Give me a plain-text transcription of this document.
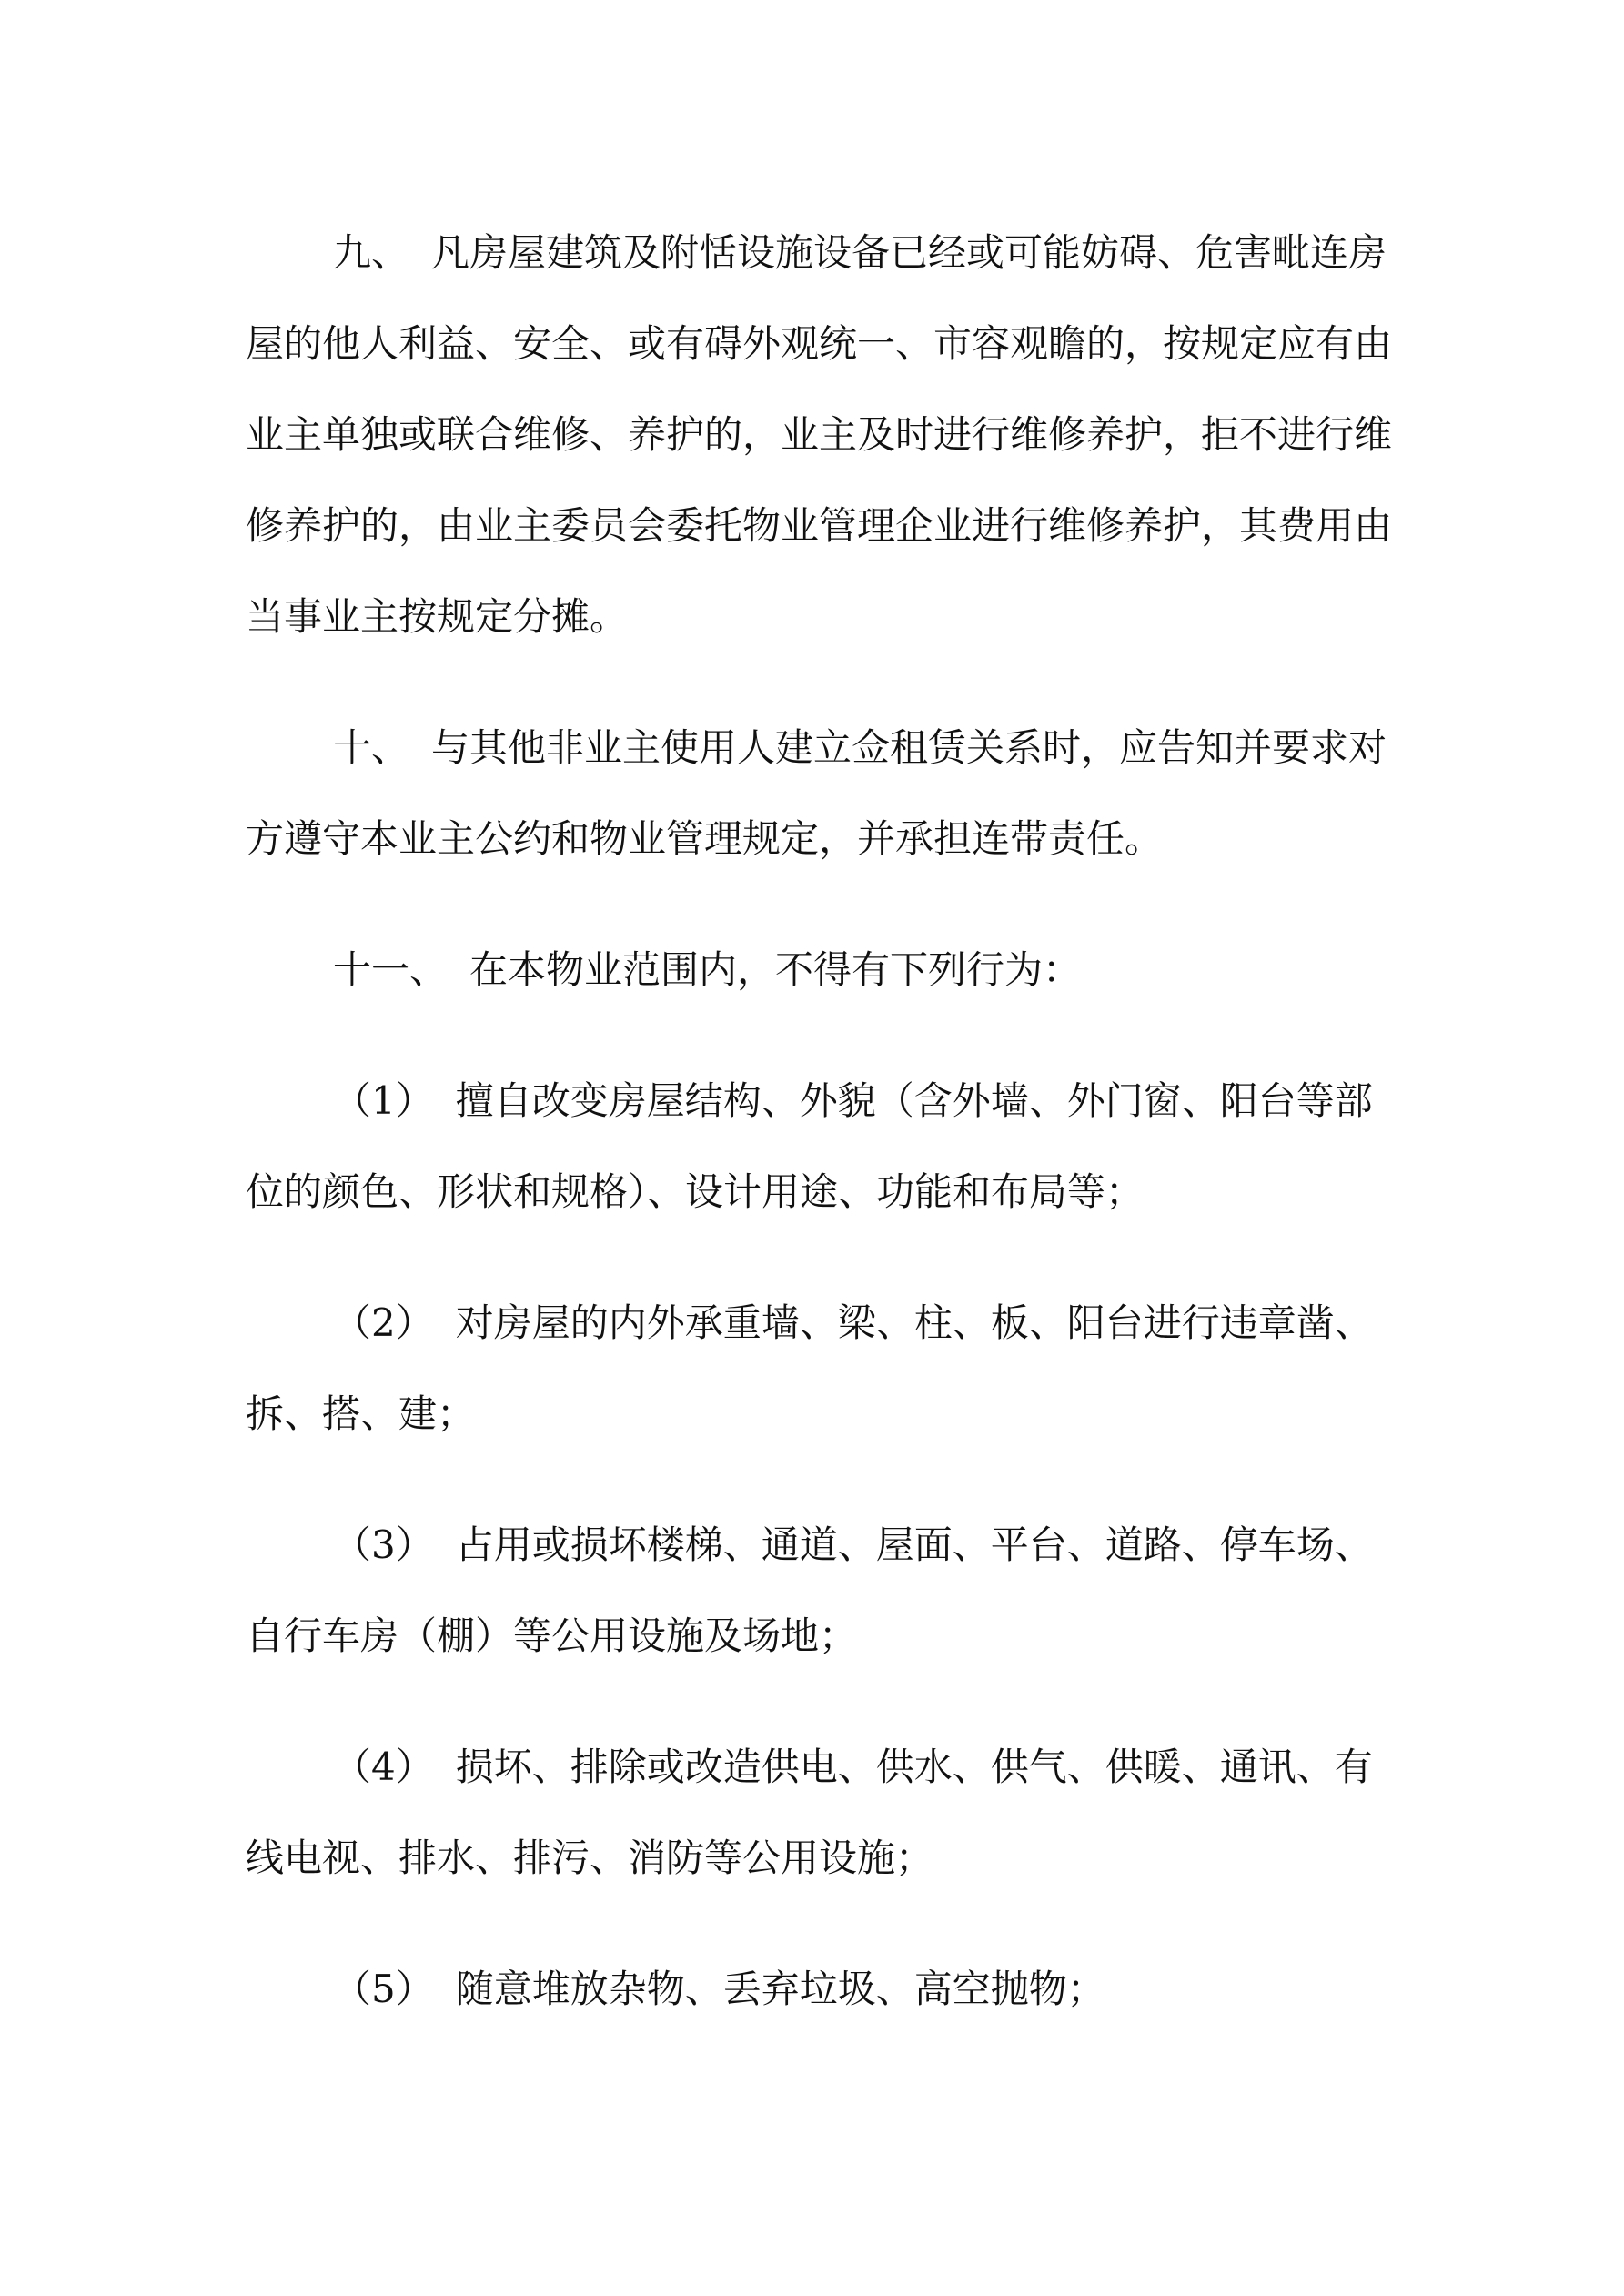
九、 凡房屋建筑及附恬设施设备已经或可能妨碍、危害毗连房
屋的他人利益、安全、或有碍外观统一、市容观瞻的，按规定应有由
业主单独或联合维修、养护的，业主及时进行维修养护，拒不进行维
修养护的，由业主委员会委托物业管理企业进行维修养护，其费用由
当事业主按规定分摊。
十、 与其他非业主使用人建立佥租赁关系时，应告知并要求对
方遵守本业主公约和物业管理规定，并承担连带责任。
十一、 在本物业范围内，不得有下列行为：
（1） 擅自改变房屋结构、外貌（含外墙、外门窗、阳台等部
位的颜色、形状和规格）、设计用途、功能和布局等；
（2） 对房屋的内外承重墙、梁、柱、板、阳台进行违章凿、
拆、搭、建；
（3） 占用或损坏楼梯、通道、屋面、平台、道路、停车场、
自行车房（棚）等公用设施及场地；
（4） 损坏、排除或改造供电、供水、供气、供暖、通讯、有
线电视、排水、排污、消防等公用设施；
（5） 随意堆放杂物、丢弃垃圾、高空抛物；
